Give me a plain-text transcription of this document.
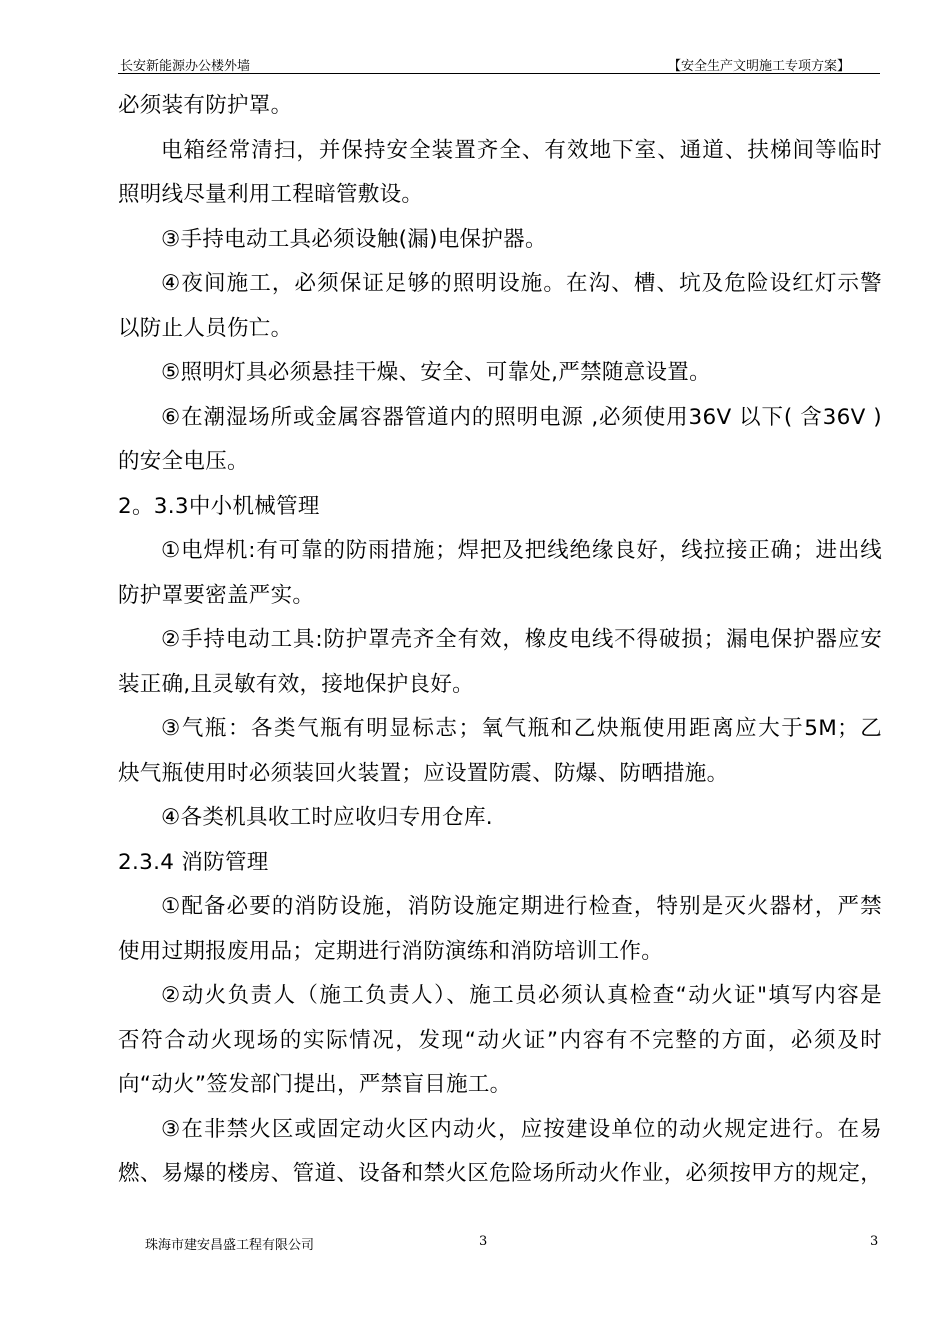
长安新能源办公楼外墙	【安全生产文明施工专项方案】
必须装有防护罩。
电箱经常清扫，并保持安全装置齐全、有效地下室、通道、扶梯间等临时
照明线尽量利用工程暗管敷设。
③手持电动工具必须设触(漏)电保护器。
④夜间施工，必须保证足够的照明设施。在沟、槽、坑及危险设红灯示警
以防止人员伤亡。
⑤照明灯具必须悬挂干燥、安全、可靠处,严禁随意设置。
⑥在潮湿场所或金属容器管道内的照明电源 ,必须使用36V 以下( 含36V )
的安全电压。
2。3.3中小机械管理
①电焊机:有可靠的防雨措施；焊把及把线绝缘良好，线拉接正确；进出线
防护罩要密盖严实。
②手持电动工具:防护罩壳齐全有效，橡皮电线不得破损；漏电保护器应安
装正确,且灵敏有效，接地保护良好。
③气瓶：各类气瓶有明显标志；氧气瓶和乙炔瓶使用距离应大于5M；乙
炔气瓶使用时必须装回火装置；应设置防震、防爆、防晒措施。
④各类机具收工时应收归专用仓库.
2.3.4 消防管理
①配备必要的消防设施，消防设施定期进行检查，特别是灭火器材，严禁
使用过期报废用品；定期进行消防演练和消防培训工作。
②动火负责人（施工负责人）、施工员必须认真检查“动火证"填写内容是
否符合动火现场的实际情况，发现“动火证”内容有不完整的方面，必须及时
向“动火”签发部门提出，严禁盲目施工。
③在非禁火区或固定动火区内动火，应按建设单位的动火规定进行。在易
燃、易爆的楼房、管道、设备和禁火区危险场所动火作业，必须按甲方的规定，
珠海市建安昌盛工程有限公司	3	3
